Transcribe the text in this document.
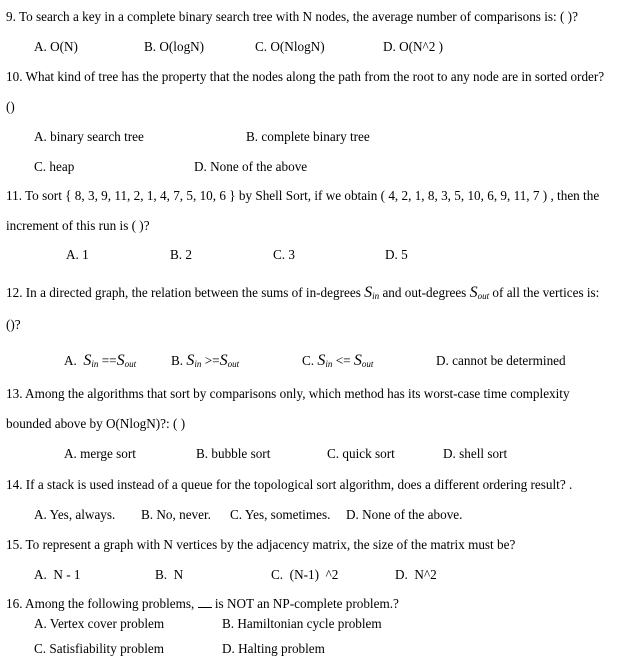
9. To search a key in a complete binary search tree with N nodes, the average number of comparisons is: ( )?
A. O(N)	B. O(logN)	C. O(NlogN)	D. O(N^2 )
10. What kind of tree has the property that the nodes along the path from the root to any node are in sorted order?
()
A. binary search tree	B. complete binary tree
C. heap	D. None of the above
11. To sort { 8, 3, 9, 11, 2, 1, 4, 7, 5, 10, 6 } by Shell Sort, if we obtain ( 4, 2, 1, 8, 3, 5, 10, 6, 9, 11, 7 ) , then the
increment of this run is ( )?
A. 1	B. 2	C. 3	D. 5
12. In a directed graph, the relation between the sums of in-degrees Sin and out-degrees Sout of all the vertices is:
()?
A. Sin ==Sout	B. Sin >=Sout	C. Sin <= Sout	D. cannot be determined
13. Among the algorithms that sort by comparisons only, which method has its worst-case time complexity
bounded above by O(NlogN)?: ( )
A. merge sort	B. bubble sort	C. quick sort	D. shell sort
14. If a stack is used instead of a queue for the topological sort algorithm, does a different ordering result? .
A. Yes, always. B. No, never. C. Yes, sometimes. D. None of the above.
15. To represent a graph with N vertices by the adjacency matrix, the size of the matrix must be?
A.  N - 1	B.  N	C.  (N-1)  ^2	D.  N^2
16. Among the following problems,  is NOT an NP-complete problem.?
A. Vertex cover problem	B. Hamiltonian cycle problem
C. Satisfiability problem	D. Halting problem
